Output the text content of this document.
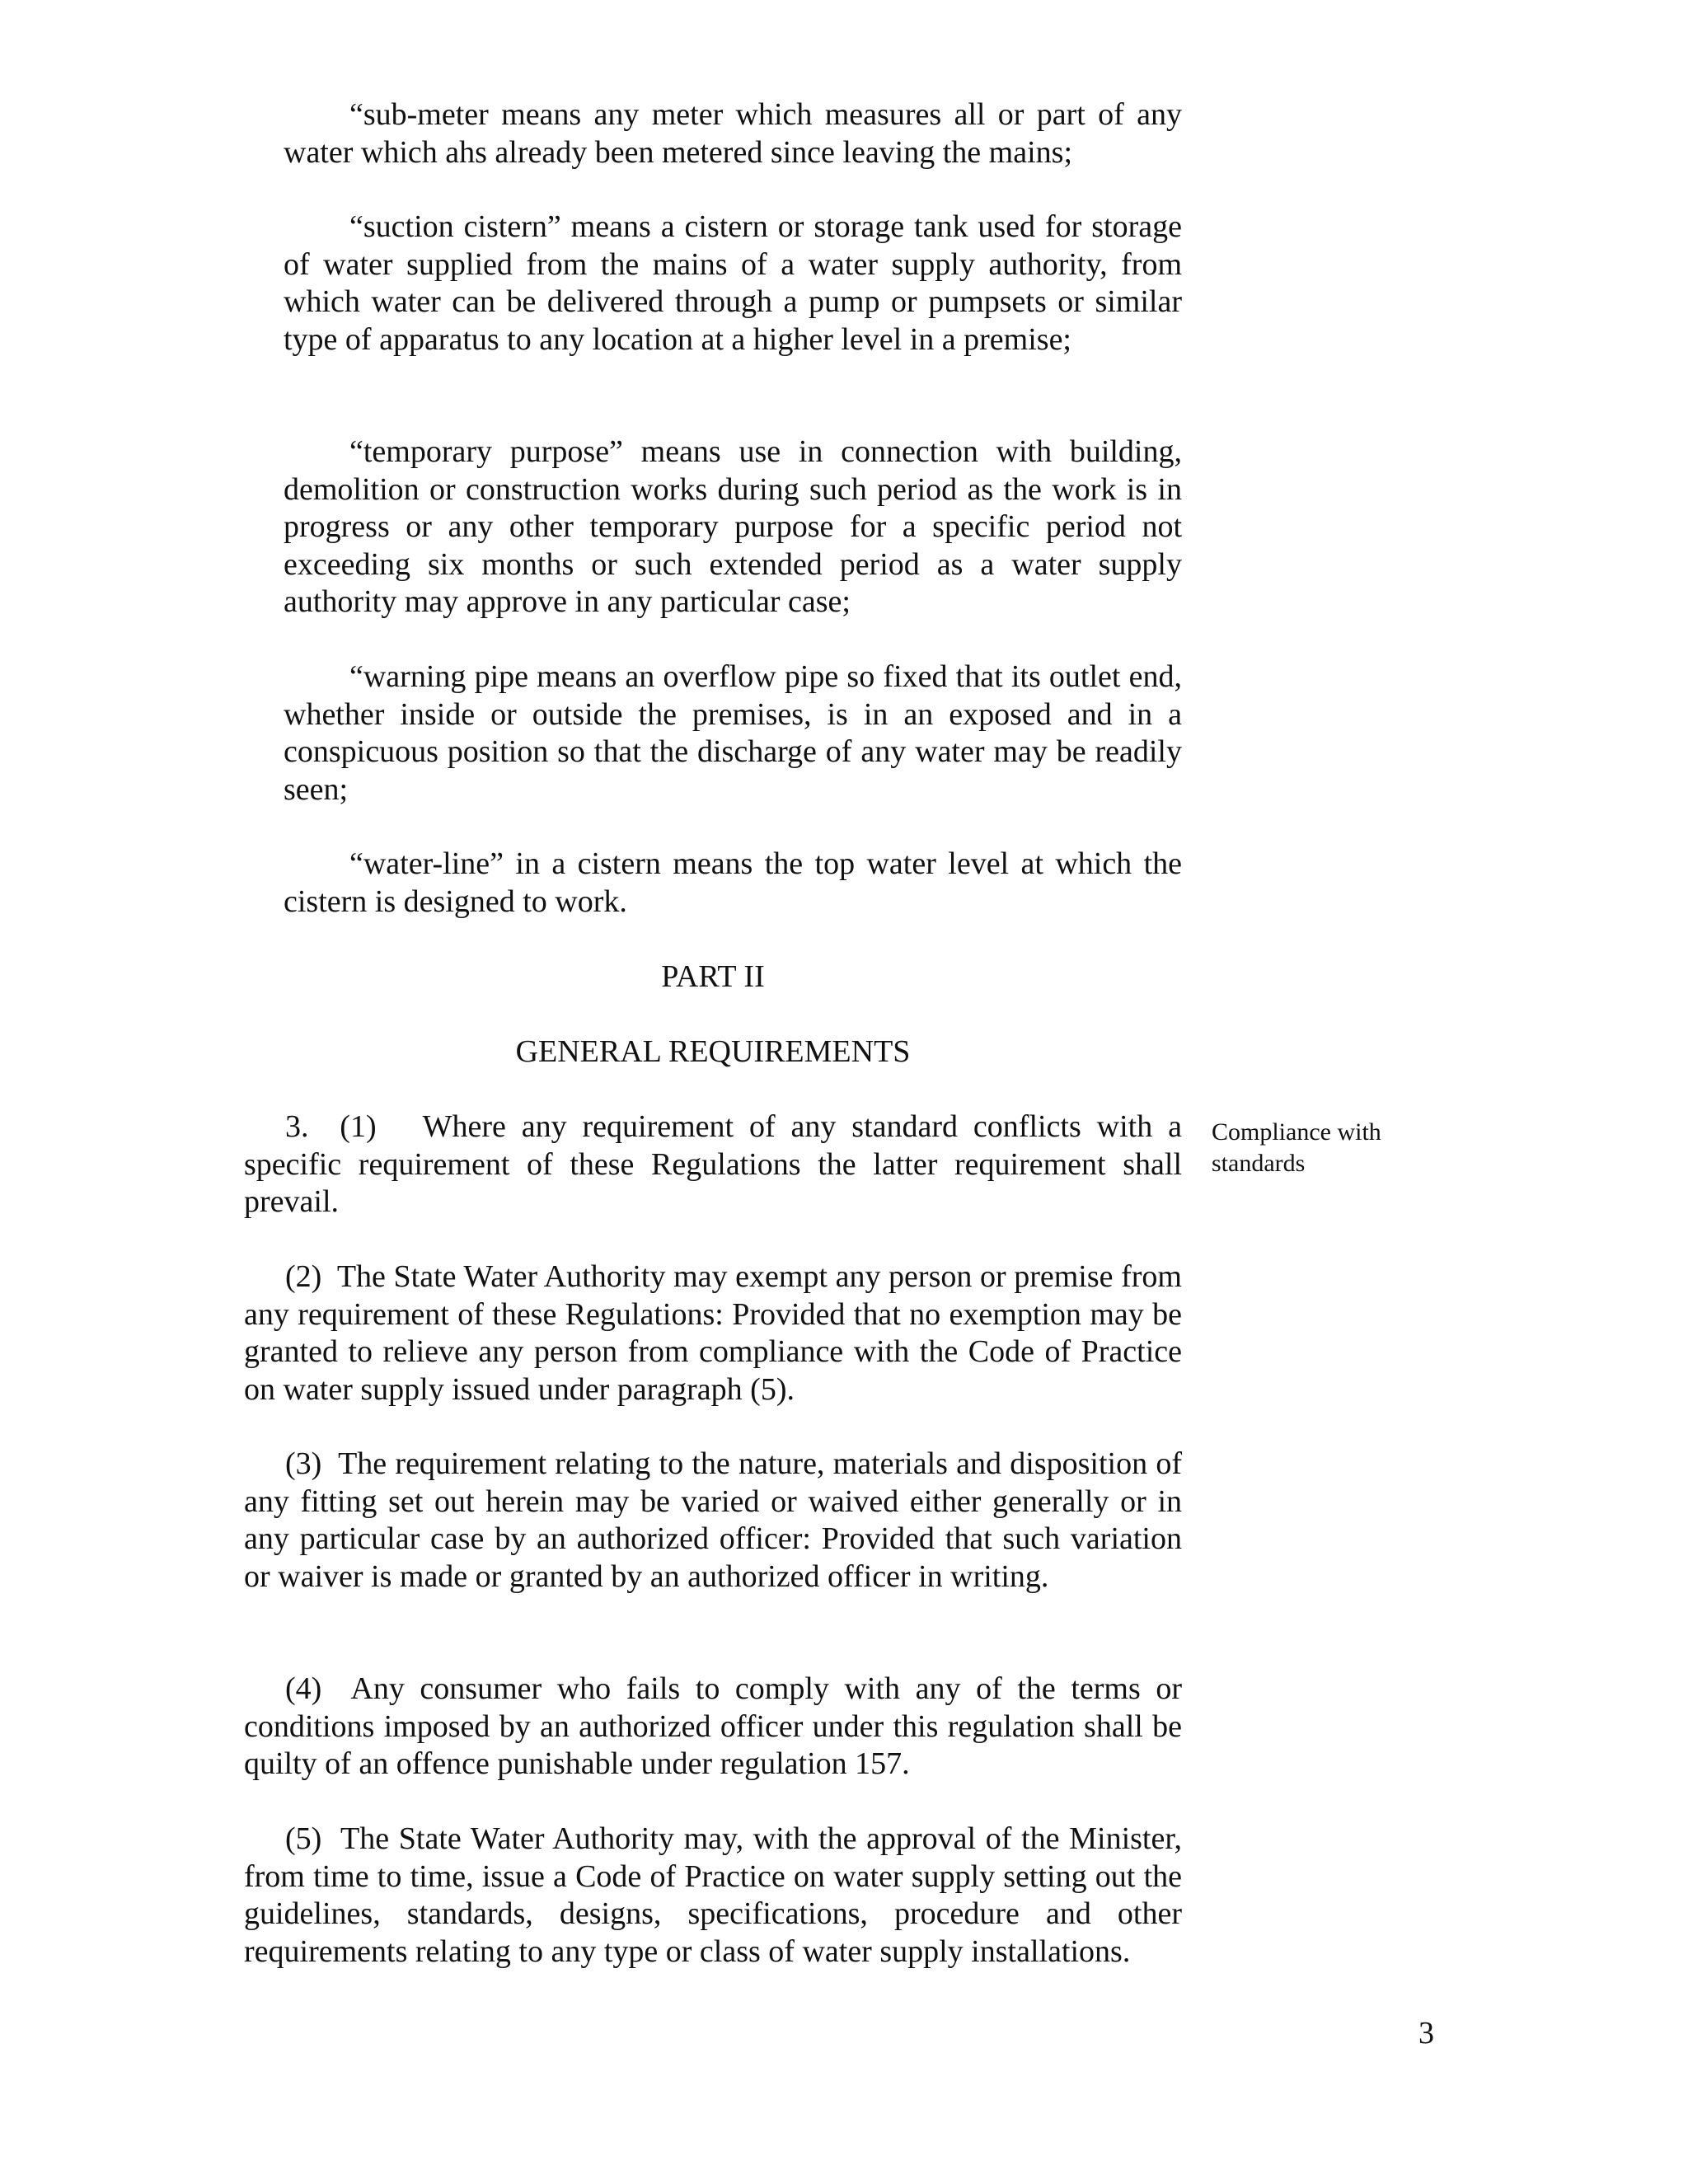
“sub-meter means any meter which measures all or part of any water which ahs already been metered since leaving the mains;

“suction cistern” means a cistern or storage tank used for storage of water supplied from the mains of a water supply authority, from which water can be delivered through a pump or pumpsets or similar type of apparatus to any location at a higher level in a premise;

“temporary purpose” means use in connection with building, demolition or construction works during such period as the work is in progress or any other temporary purpose for a specific period not exceeding six months or such extended period as a water supply authority may approve in any particular case;

“warning pipe means an overflow pipe so fixed that its outlet end, whether inside or outside the premises, is in an exposed and in a conspicuous position so that the discharge of any water may be readily seen;

“water-line” in a cistern means the top water level at which the cistern is designed to work.

PART II
GENERAL REQUIREMENTS

3.  (1)   Where any requirement of any standard conflicts with a specific requirement of these Regulations the latter requirement shall prevail.

Compliance with standards

(2)  The State Water Authority may exempt any person or premise from any requirement of these Regulations: Provided that no exemption may be granted to relieve any person from compliance with the Code of Practice on water supply issued under paragraph (5).

(3)  The requirement relating to the nature, materials and disposition of any fitting set out herein may be varied or waived either generally or in any particular case by an authorized officer: Provided that such variation or waiver is made or granted by an authorized officer in writing.

(4)  Any consumer who fails to comply with any of the terms or conditions imposed by an authorized officer under this regulation shall be quilty of an offence punishable under regulation 157.

(5)  The State Water Authority may, with the approval of the Minister, from time to time, issue a Code of Practice on water supply setting out the guidelines, standards, designs, specifications, procedure and other requirements relating to any type or class of water supply installations.

3
